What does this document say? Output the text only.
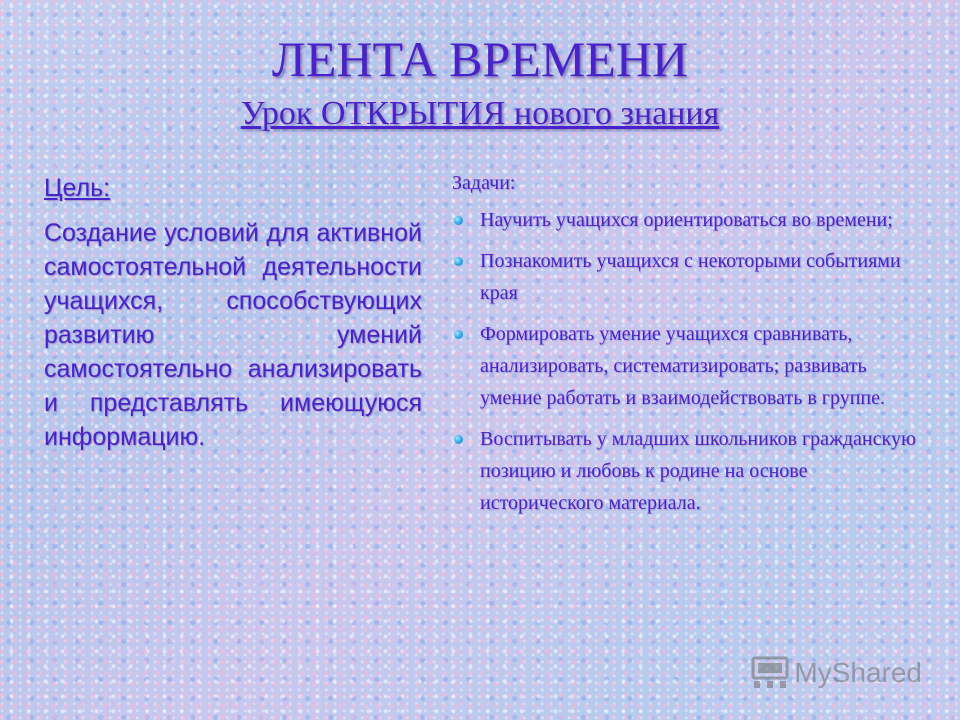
ЛЕНТА ВРЕМЕНИ
Урок ОТКРЫТИЯ нового знания
Цель:

Создание условий для активной самостоятельной деятельности учащихся, способствующих развитию умений самостоятельно анализировать и представлять имеющуюся информацию.

Задачи:
Научить учащихся ориентироваться во времени;
Познакомить учащихся с некоторыми событиями края
Формировать умение учащихся сравнивать, анализировать, систематизировать; развивать умение работать и взаимодействовать в группе.
Воспитывать у младших школьников гражданскую позицию и любовь к родине на основе исторического материала.
MyShared
